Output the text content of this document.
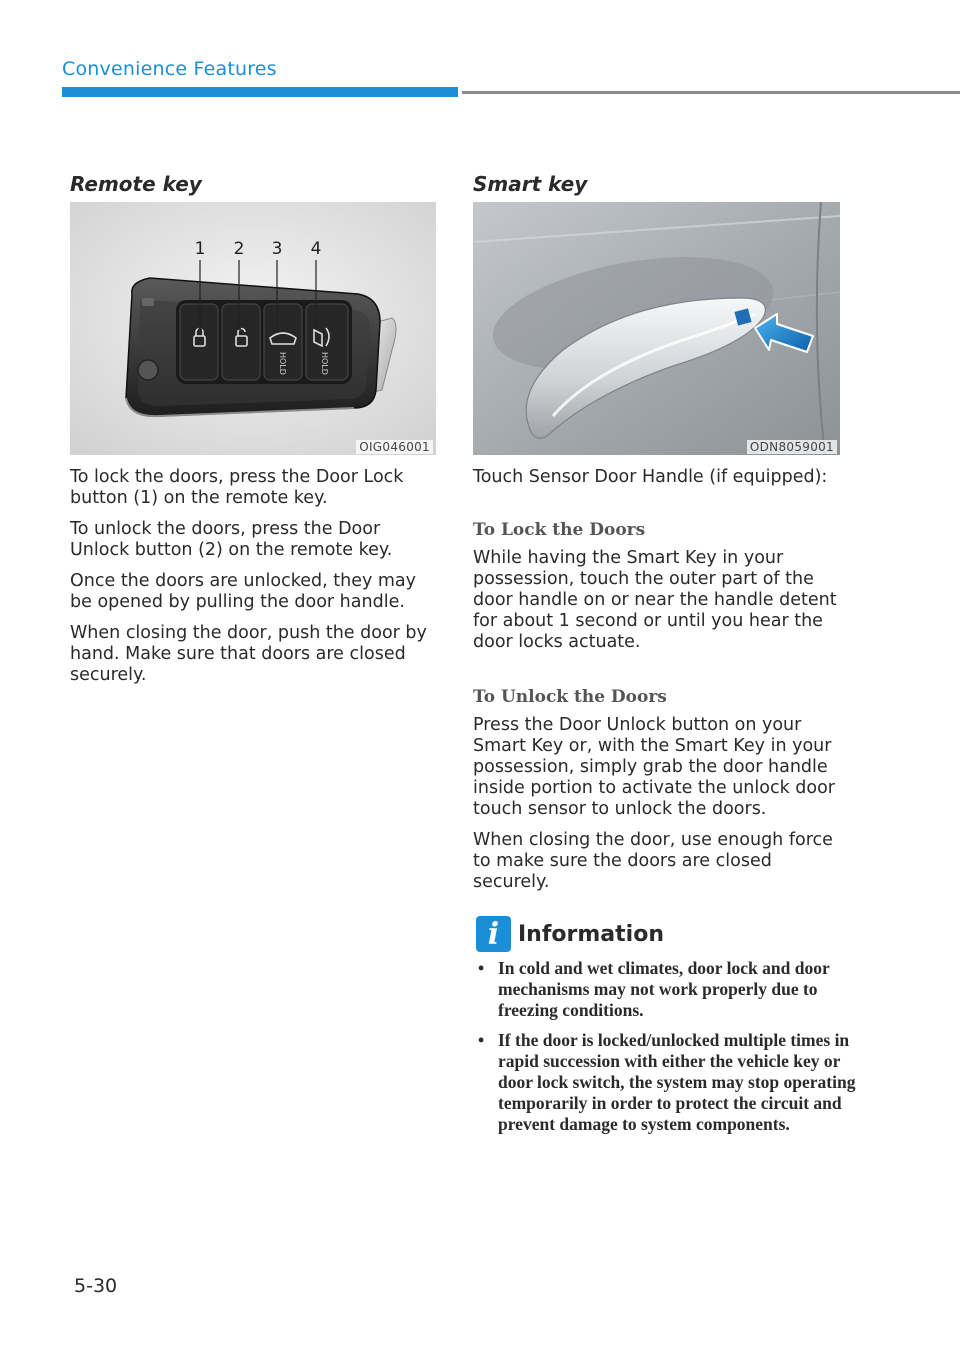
Convenience Features
Remote key
HOLD	HOLD
1 2 3 4
OIG046001

To lock the doors, press the Door Lock button (1) on the remote key.

To unlock the doors, press the Door Unlock button (2) on the remote key.

Once the doors are unlocked, they may be opened by pulling the door handle.

When closing the door, push the door by hand. Make sure that doors are closed securely.

Smart key
ODN8059001
Touch Sensor Door Handle (if equipped):
To Lock the Doors
While having the Smart Key in your possession, touch the outer part of the door handle on or near the handle detent for about 1 second or until you hear the door locks actuate.
To Unlock the Doors

Press the Door Unlock button on your Smart Key or, with the Smart Key in your possession, simply grab the door handle inside portion to activate the unlock door touch sensor to unlock the doors.

When closing the door, use enough force to make sure the doors are closed securely.

i Information
• In cold and wet climates, door lock and door mechanisms may not work properly due to freezing conditions.
• If the door is locked/unlocked multiple times in rapid succession with either the vehicle key or door lock switch, the system may stop operating temporarily in order to protect the circuit and prevent damage to system components.
5-30
